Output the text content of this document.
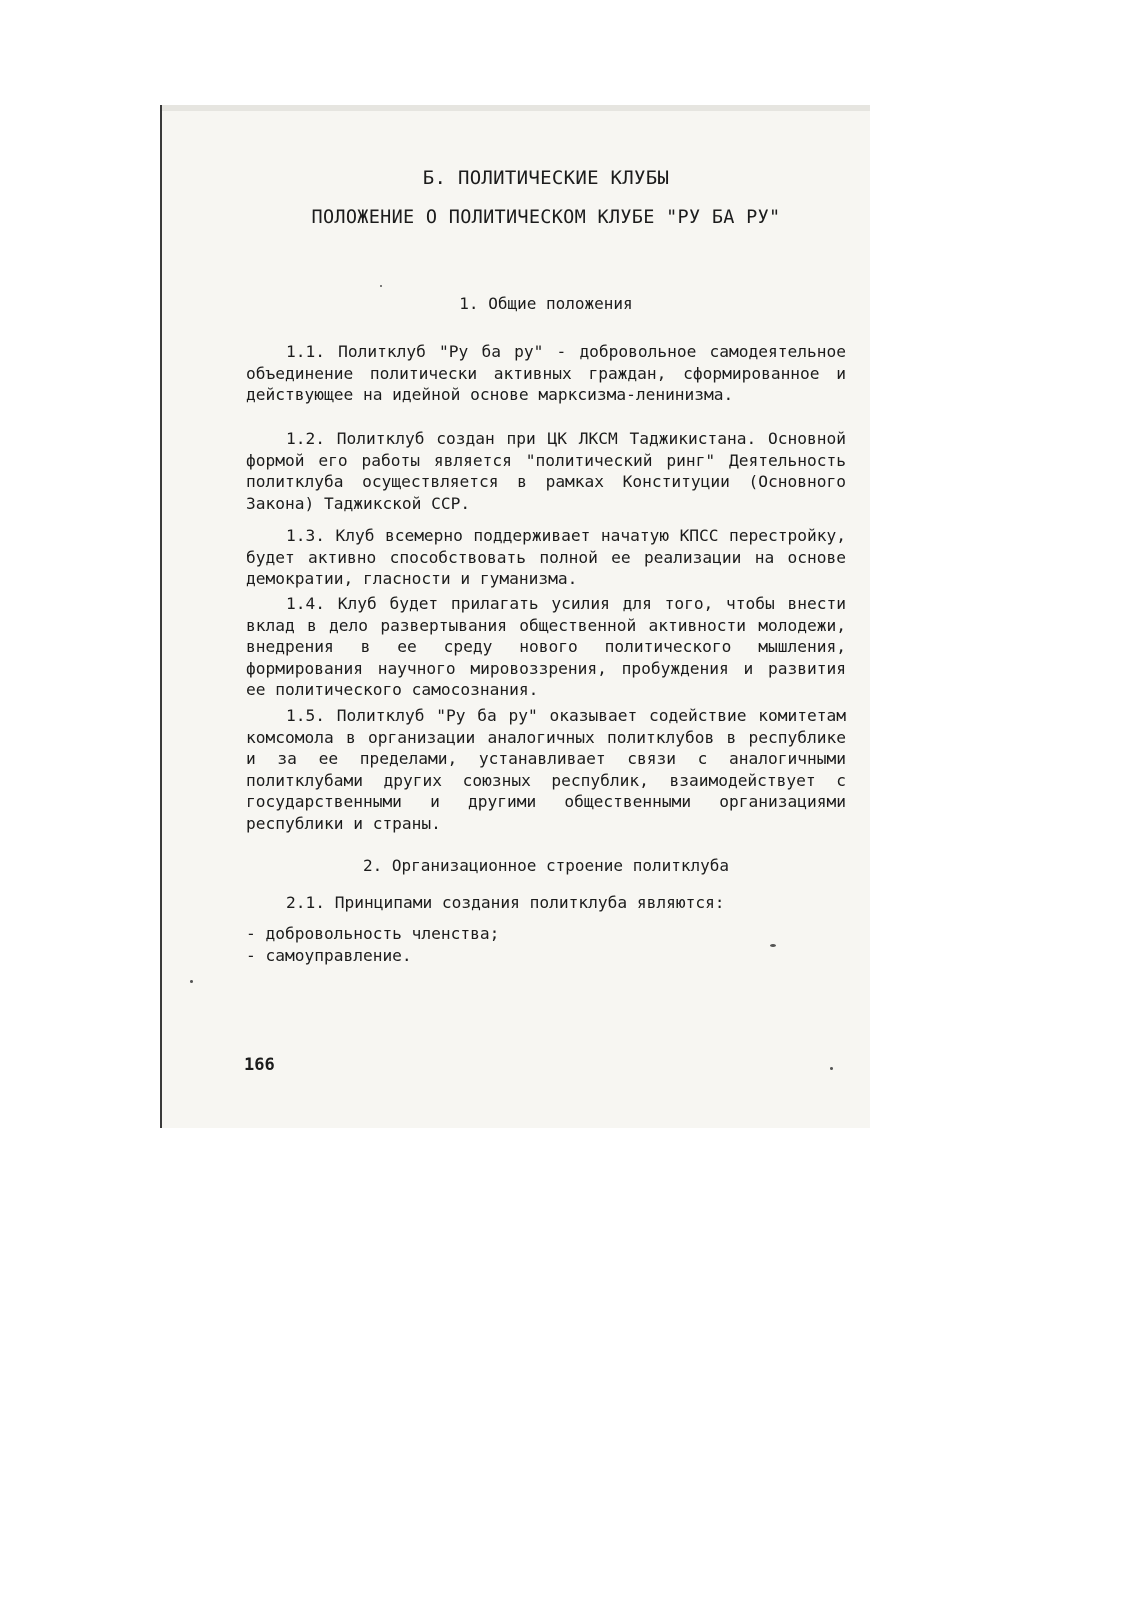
Б. ПОЛИТИЧЕСКИЕ КЛУБЫ
ПОЛОЖЕНИЕ О ПОЛИТИЧЕСКОМ КЛУБЕ "РУ БА РУ"
1. Общие положения

1.1. Политклуб "Ру ба ру" - добровольное самодеятельное объединение политически активных граждан, сформированное и действующее на идейной основе марксизма-ленинизма.

1.2. Политклуб создан при ЦК ЛКСМ Таджикистана. Основной формой его работы является "политический ринг" Деятельность политклуба осуществляется в рамках Конституции (Основного Закона) Таджикской ССР.

1.3. Клуб всемерно поддерживает начатую КПСС перестройку, будет активно способствовать полной ее реализации на основе демократии, гласности и гуманизма.

1.4. Клуб будет прилагать усилия для того, чтобы внести вклад в дело развертывания общественной активности молодежи, внедрения в ее среду нового политического мышления, формирования научного мировоззрения, пробуждения и развития ее политического самосознания.

1.5. Политклуб "Ру ба ру" оказывает содействие комитетам комсомола в организации аналогичных политклубов в республике и за ее пределами, устанавливает связи с аналогичными политклубами других союзных республик, взаимодействует с государственными и другими общественными организациями республики и страны.

2. Организационное строение политклуба

2.1. Принципами создания политклуба являются:

- добровольность членства;

- самоуправление.

166
